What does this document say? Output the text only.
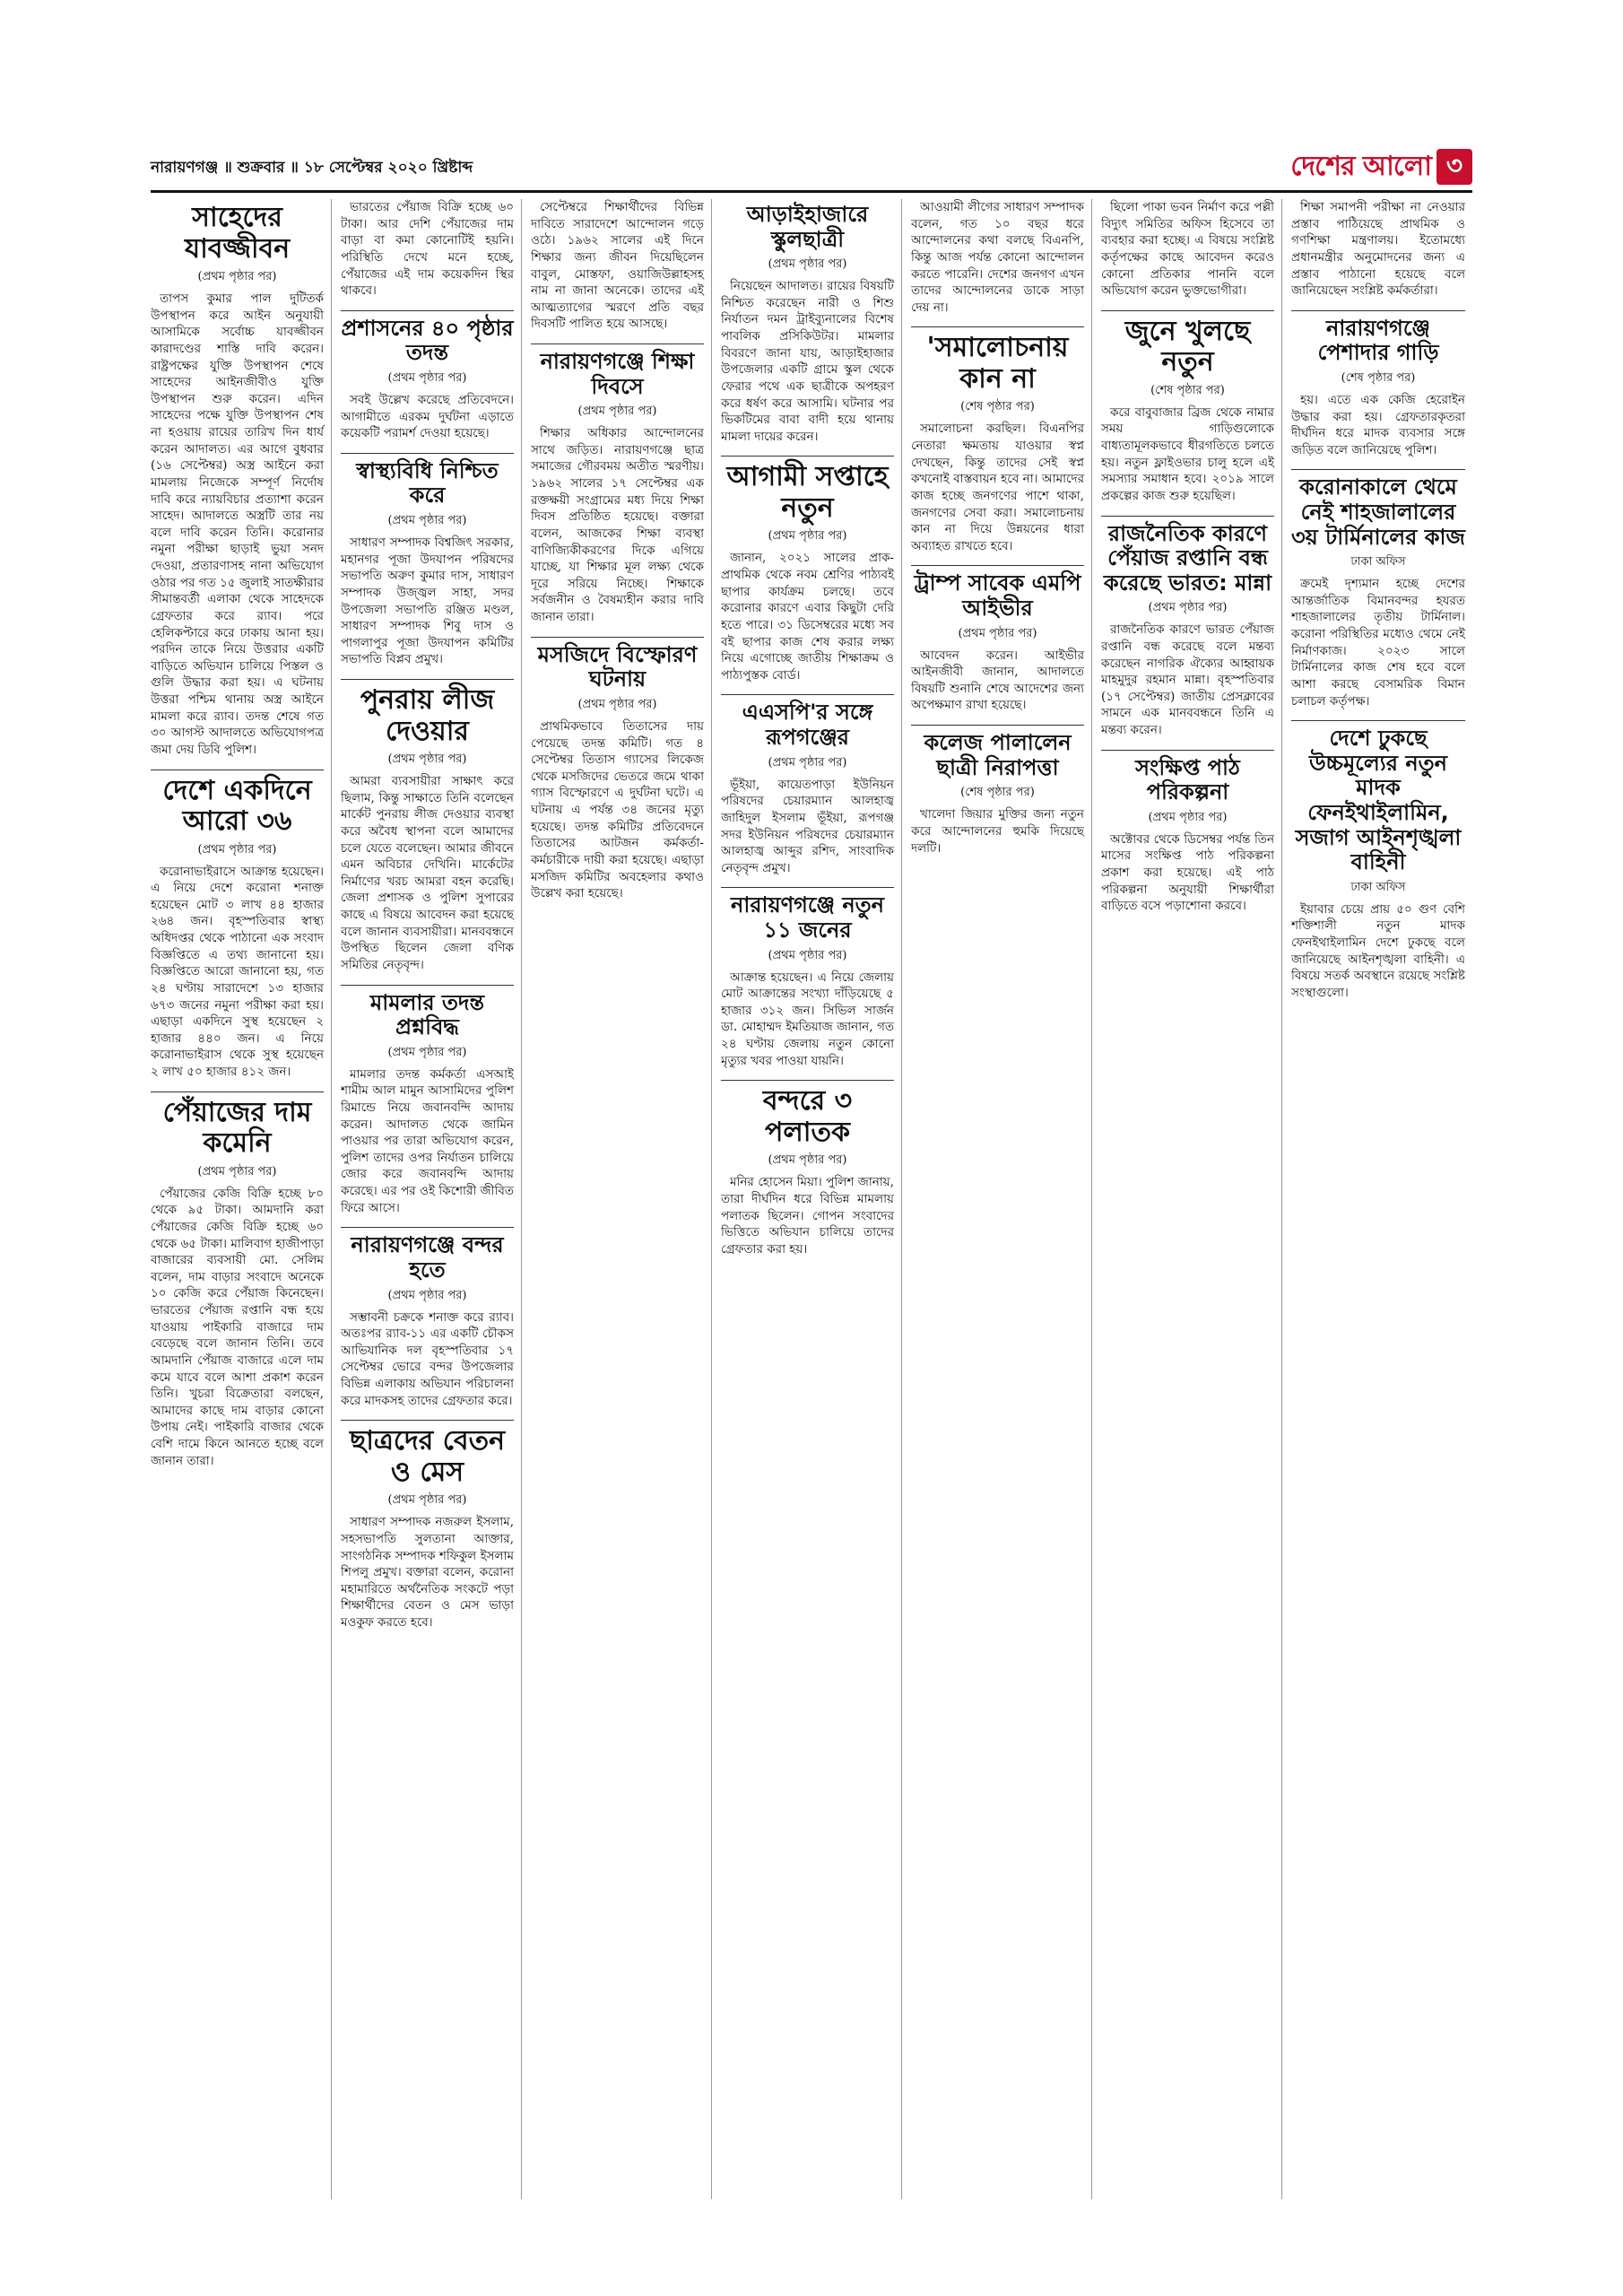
নারায়ণগঞ্জ ॥ শুক্রবার ॥ ১৮ সেপ্টেম্বর ২০২০ খ্রিষ্টাব্দ	দেশের আলো ৩
সাহেদের যাবজ্জীবন
(প্রথম পৃষ্ঠার পর)

তাপস কুমার পাল দুটিতর্ক উপস্থাপন করে আইন অনুযায়ী আসামিকে সর্বোচ্চ যাবজ্জীবন কারাদণ্ডের শাস্তি দাবি করেন। রাষ্ট্রপক্ষের যুক্তি উপস্থাপন শেষে সাহেদের আইনজীবীও যুক্তি উপস্থাপন শুরু করেন। এদিন সাহেদের পক্ষে যুক্তি উপস্থাপন শেষ না হওয়ায় রায়ের তারিখ দিন ধার্য করেন আদালত। এর আগে বুধবার (১৬ সেপ্টেম্বর) অস্ত্র আইনে করা মামলায় নিজেকে সম্পূর্ণ নির্দোষ দাবি করে ন্যায়বিচার প্রত্যাশা করেন সাহেদ। আদালতে অস্ত্রটি তার নয় বলে দাবি করেন তিনি। করোনার নমুনা পরীক্ষা ছাড়াই ভুয়া সনদ দেওয়া, প্রতারণাসহ নানা অভিযোগ ওঠার পর গত ১৫ জুলাই সাতক্ষীরার সীমান্তবর্তী এলাকা থেকে সাহেদকে গ্রেফতার করে র‍্যাব। পরে হেলিকপ্টারে করে ঢাকায় আনা হয়। পরদিন তাকে নিয়ে উত্তরার একটি বাড়িতে অভিযান চালিয়ে পিস্তল ও গুলি উদ্ধার করা হয়। এ ঘটনায় উত্তরা পশ্চিম থানায় অস্ত্র আইনে মামলা করে র‍্যাব। তদন্ত শেষে গত ৩০ আগস্ট আদালতে অভিযোগপত্র জমা দেয় ডিবি পুলিশ।

দেশে একদিনে আরো ৩৬
(প্রথম পৃষ্ঠার পর)

করোনাভাইরাসে আক্রান্ত হয়েছেন। এ নিয়ে দেশে করোনা শনাক্ত হয়েছেন মোট ৩ লাখ ৪৪ হাজার ২৬৪ জন। বৃহস্পতিবার স্বাস্থ্য অধিদপ্তর থেকে পাঠানো এক সংবাদ বিজ্ঞপ্তিতে এ তথ্য জানানো হয়। বিজ্ঞপ্তিতে আরো জানানো হয়, গত ২৪ ঘণ্টায় সারাদেশে ১৩ হাজার ৬৭৩ জনের নমুনা পরীক্ষা করা হয়। এছাড়া একদিনে সুস্থ হয়েছেন ২ হাজার ৪৪০ জন। এ নিয়ে করোনাভাইরাস থেকে সুস্থ হয়েছেন ২ লাখ ৫০ হাজার ৪১২ জন।

পেঁয়াজের দাম কমেনি
(প্রথম পৃষ্ঠার পর)

পেঁয়াজের কেজি বিক্রি হচ্ছে ৮০ থেকে ৯৫ টাকা। আমদানি করা পেঁয়াজের কেজি বিক্রি হচ্ছে ৬০ থেকে ৬৫ টাকা। মালিবাগ হাজীপাড়া বাজারের ব্যবসায়ী মো. সেলিম বলেন, দাম বাড়ার সংবাদে অনেকে ১০ কেজি করে পেঁয়াজ কিনেছেন। ভারতের পেঁয়াজ রপ্তানি বন্ধ হয়ে যাওয়ায় পাইকারি বাজারে দাম বেড়েছে বলে জানান তিনি। তবে আমদানি পেঁয়াজ বাজারে এলে দাম কমে যাবে বলে আশা প্রকাশ করেন তিনি। খুচরা বিক্রেতারা বলছেন, আমাদের কাছে দাম বাড়ার কোনো উপায় নেই। পাইকারি বাজার থেকে বেশি দামে কিনে আনতে হচ্ছে বলে জানান তারা।

ভারতের পেঁয়াজ বিক্রি হচ্ছে ৬০ টাকা। আর দেশি পেঁয়াজের দাম বাড়া বা কমা কোনোটিই হয়নি। পরিস্থিতি দেখে মনে হচ্ছে, পেঁয়াজের এই দাম কয়েকদিন স্থির থাকবে।

প্রশাসনের ৪০ পৃষ্ঠার তদন্ত
(প্রথম পৃষ্ঠার পর)

সবই উল্লেখ করেছে প্রতিবেদনে। আগামীতে এরকম দুর্ঘটনা এড়াতে কয়েকটি পরামর্শ দেওয়া হয়েছে।

স্বাস্থ্যবিধি নিশ্চিত করে
(প্রথম পৃষ্ঠার পর)

সাধারণ সম্পাদক বিশ্বজিৎ সরকার, মহানগর পূজা উদযাপন পরিষদের সভাপতি অরুণ কুমার দাস, সাধারণ সম্পাদক উজ্জ্বল সাহা, সদর উপজেলা সভাপতি রঞ্জিত মণ্ডল, সাধারণ সম্পাদক শিবু দাস ও পাগলাপুর পূজা উদযাপন কমিটির সভাপতি বিপ্লব প্রমুখ।

পুনরায় লীজ দেওয়ার
(প্রথম পৃষ্ঠার পর)

আমরা ব্যবসায়ীরা সাক্ষাৎ করে ছিলাম, কিন্তু সাক্ষাতে তিনি বলেছেন মার্কেট পুনরায় লীজ দেওয়ার ব্যবস্থা করে অবৈধ স্থাপনা বলে আমাদের চলে যেতে বলেছেন। আমার জীবনে এমন অবিচার দেখিনি। মার্কেটের নির্মাণের খরচ আমরা বহন করেছি। জেলা প্রশাসক ও পুলিশ সুপারের কাছে এ বিষয়ে আবেদন করা হয়েছে বলে জানান ব্যবসায়ীরা। মানববন্ধনে উপস্থিত ছিলেন জেলা বণিক সমিতির নেতৃবৃন্দ।

মামলার তদন্ত প্রশ্নবিদ্ধ
(প্রথম পৃষ্ঠার পর)

মামলার তদন্ত কর্মকর্তা এসআই শামীম আল মামুন আসামিদের পুলিশ রিমান্ডে নিয়ে জবানবন্দি আদায় করেন। আদালত থেকে জামিন পাওয়ার পর তারা অভিযোগ করেন, পুলিশ তাদের ওপর নির্যাতন চালিয়ে জোর করে জবানবন্দি আদায় করেছে। এর পর ওই কিশোরী জীবিত ফিরে আসে।

নারায়ণগঞ্জে বন্দর হতে
(প্রথম পৃষ্ঠার পর)

সম্ভাবনী চক্রকে শনাক্ত করে র‍্যাব। অতঃপর র‍্যাব-১১ এর একটি চৌকস আভিযানিক দল বৃহস্পতিবার ১৭ সেপ্টেম্বর ভোরে বন্দর উপজেলার বিভিন্ন এলাকায় অভিযান পরিচালনা করে মাদকসহ তাদের গ্রেফতার করে।

ছাত্রদের বেতন ও মেস
(প্রথম পৃষ্ঠার পর)

সাধারণ সম্পাদক নজরুল ইসলাম, সহসভাপতি সুলতানা আক্তার, সাংগঠনিক সম্পাদক শফিকুল ইসলাম শিপলু প্রমুখ। বক্তারা বলেন, করোনা মহামারিতে অর্থনৈতিক সংকটে পড়া শিক্ষার্থীদের বেতন ও মেস ভাড়া মওকুফ করতে হবে।

সেপ্টেম্বরে শিক্ষার্থীদের বিভিন্ন দাবিতে সারাদেশে আন্দোলন গড়ে ওঠে। ১৯৬২ সালের এই দিনে শিক্ষার জন্য জীবন দিয়েছিলেন বাবুল, মোস্তফা, ওয়াজিউল্লাহসহ নাম না জানা অনেকে। তাদের এই আত্মত্যাগের স্মরণে প্রতি বছর দিবসটি পালিত হয়ে আসছে।

নারায়ণগঞ্জে শিক্ষা দিবসে
(প্রথম পৃষ্ঠার পর)

শিক্ষার অধিকার আন্দোলনের সাথে জড়িত। নারায়ণগঞ্জে ছাত্র সমাজের গৌরবময় অতীত স্মরণীয়। ১৯৬২ সালের ১৭ সেপ্টেম্বর এক রক্তক্ষয়ী সংগ্রামের মধ্য দিয়ে শিক্ষা দিবস প্রতিষ্ঠিত হয়েছে। বক্তারা বলেন, আজকের শিক্ষা ব্যবস্থা বাণিজ্যিকীকরণের দিকে এগিয়ে যাচ্ছে, যা শিক্ষার মূল লক্ষ্য থেকে দূরে সরিয়ে নিচ্ছে। শিক্ষাকে সর্বজনীন ও বৈষম্যহীন করার দাবি জানান তারা।

মসজিদে বিস্ফোরণ ঘটনায়
(প্রথম পৃষ্ঠার পর)

প্রাথমিকভাবে তিতাসের দায় পেয়েছে তদন্ত কমিটি। গত ৪ সেপ্টেম্বর তিতাস গ্যাসের লিকেজ থেকে মসজিদের ভেতরে জমে থাকা গ্যাস বিস্ফোরণে এ দুর্ঘটনা ঘটে। এ ঘটনায় এ পর্যন্ত ৩৪ জনের মৃত্যু হয়েছে। তদন্ত কমিটির প্রতিবেদনে তিতাসের আটজন কর্মকর্তা-কর্মচারীকে দায়ী করা হয়েছে। এছাড়া মসজিদ কমিটির অবহেলার কথাও উল্লেখ করা হয়েছে।

আড়াইহাজারে স্কুলছাত্রী
(প্রথম পৃষ্ঠার পর)

নিয়েছেন আদালত। রায়ের বিষয়টি নিশ্চিত করেছেন নারী ও শিশু নির্যাতন দমন ট্রাইব্যুনালের বিশেষ পাবলিক প্রসিকিউটর। মামলার বিবরণে জানা যায়, আড়াইহাজার উপজেলার একটি গ্রামে স্কুল থেকে ফেরার পথে এক ছাত্রীকে অপহরণ করে ধর্ষণ করে আসামি। ঘটনার পর ভিকটিমের বাবা বাদী হয়ে থানায় মামলা দায়ের করেন।

আগামী সপ্তাহে নতুন
(প্রথম পৃষ্ঠার পর)

জানান, ২০২১ সালের প্রাক-প্রাথমিক থেকে নবম শ্রেণির পাঠ্যবই ছাপার কার্যক্রম চলছে। তবে করোনার কারণে এবার কিছুটা দেরি হতে পারে। ৩১ ডিসেম্বরের মধ্যে সব বই ছাপার কাজ শেষ করার লক্ষ্য নিয়ে এগোচ্ছে জাতীয় শিক্ষাক্রম ও পাঠ্যপুস্তক বোর্ড।

এএসপি'র সঙ্গে রূপগঞ্জের
(প্রথম পৃষ্ঠার পর)

ভূঁইয়া, কায়েতপাড়া ইউনিয়ন পরিষদের চেয়ারম্যান আলহাজ্ব জাহিদুল ইসলাম ভূঁইয়া, রূপগঞ্জ সদর ইউনিয়ন পরিষদের চেয়ারম্যান আলহাজ্ব আব্দুর রশিদ, সাংবাদিক নেতৃবৃন্দ প্রমুখ।

নারায়ণগঞ্জে নতুন ১১ জনের
(প্রথম পৃষ্ঠার পর)

আক্রান্ত হয়েছেন। এ নিয়ে জেলায় মোট আক্রান্তের সংখ্যা দাঁড়িয়েছে ৫ হাজার ৩১২ জন। সিভিল সার্জন ডা. মোহাম্মদ ইমতিয়াজ জানান, গত ২৪ ঘণ্টায় জেলায় নতুন কোনো মৃত্যুর খবর পাওয়া যায়নি।

বন্দরে ৩ পলাতক
(প্রথম পৃষ্ঠার পর)

মনির হোসেন মিয়া। পুলিশ জানায়, তারা দীর্ঘদিন ধরে বিভিন্ন মামলায় পলাতক ছিলেন। গোপন সংবাদের ভিত্তিতে অভিযান চালিয়ে তাদের গ্রেফতার করা হয়।

আওয়ামী লীগের সাধারণ সম্পাদক বলেন, গত ১০ বছর ধরে আন্দোলনের কথা বলছে বিএনপি, কিন্তু আজ পর্যন্ত কোনো আন্দোলন করতে পারেনি। দেশের জনগণ এখন তাদের আন্দোলনের ডাকে সাড়া দেয় না।

'সমালোচনায় কান না
(শেষ পৃষ্ঠার পর)

সমালোচনা করছিল। বিএনপির নেতারা ক্ষমতায় যাওয়ার স্বপ্ন দেখছেন, কিন্তু তাদের সেই স্বপ্ন কখনোই বাস্তবায়ন হবে না। আমাদের কাজ হচ্ছে জনগণের পাশে থাকা, জনগণের সেবা করা। সমালোচনায় কান না দিয়ে উন্নয়নের ধারা অব্যাহত রাখতে হবে।

ট্রাম্প সাবেক এমপি আইভীর
(প্রথম পৃষ্ঠার পর)

আবেদন করেন। আইভীর আইনজীবী জানান, আদালতে বিষয়টি শুনানি শেষে আদেশের জন্য অপেক্ষমাণ রাখা হয়েছে।

কলেজ পালালেন ছাত্রী নিরাপত্তা
(শেষ পৃষ্ঠার পর)

খালেদা জিয়ার মুক্তির জন্য নতুন করে আন্দোলনের হুমকি দিয়েছে দলটি।

ছিলো পাকা ভবন নির্মাণ করে পল্লী বিদ্যুৎ সমিতির অফিস হিসেবে তা ব্যবহার করা হচ্ছে। এ বিষয়ে সংশ্লিষ্ট কর্তৃপক্ষের কাছে আবেদন করেও কোনো প্রতিকার পাননি বলে অভিযোগ করেন ভুক্তভোগীরা।

জুনে খুলছে নতুন
(শেষ পৃষ্ঠার পর)

করে বাবুবাজার ব্রিজ থেকে নামার সময় গাড়িগুলোকে বাধ্যতামূলকভাবে ধীরগতিতে চলতে হয়। নতুন ফ্লাইওভার চালু হলে এই সমস্যার সমাধান হবে। ২০১৯ সালে প্রকল্পের কাজ শুরু হয়েছিল।

রাজনৈতিক কারণে পেঁয়াজ রপ্তানি বন্ধ করেছে ভারত: মান্না
(প্রথম পৃষ্ঠার পর)

রাজনৈতিক কারণে ভারত পেঁয়াজ রপ্তানি বন্ধ করেছে বলে মন্তব্য করেছেন নাগরিক ঐক্যের আহ্বায়ক মাহমুদুর রহমান মান্না। বৃহস্পতিবার (১৭ সেপ্টেম্বর) জাতীয় প্রেসক্লাবের সামনে এক মানববন্ধনে তিনি এ মন্তব্য করেন।

সংক্ষিপ্ত পাঠ পরিকল্পনা
(প্রথম পৃষ্ঠার পর)

অক্টোবর থেকে ডিসেম্বর পর্যন্ত তিন মাসের সংক্ষিপ্ত পাঠ পরিকল্পনা প্রকাশ করা হয়েছে। এই পাঠ পরিকল্পনা অনুযায়ী শিক্ষার্থীরা বাড়িতে বসে পড়াশোনা করবে।

শিক্ষা সমাপনী পরীক্ষা না নেওয়ার প্রস্তাব পাঠিয়েছে প্রাথমিক ও গণশিক্ষা মন্ত্রণালয়। ইতোমধ্যে প্রধানমন্ত্রীর অনুমোদনের জন্য এ প্রস্তাব পাঠানো হয়েছে বলে জানিয়েছেন সংশ্লিষ্ট কর্মকর্তারা।

নারায়ণগঞ্জে পেশাদার গাড়ি
(শেষ পৃষ্ঠার পর)

হয়। এতে এক কেজি হেরোইন উদ্ধার করা হয়। গ্রেফতারকৃতরা দীর্ঘদিন ধরে মাদক ব্যবসার সঙ্গে জড়িত বলে জানিয়েছে পুলিশ।

করোনাকালে থেমে নেই শাহজালালের ৩য় টার্মিনালের কাজ
ঢাকা অফিস

ক্রমেই দৃশ্যমান হচ্ছে দেশের আন্তর্জাতিক বিমানবন্দর হযরত শাহজালালের তৃতীয় টার্মিনাল। করোনা পরিস্থিতির মধ্যেও থেমে নেই নির্মাণকাজ। ২০২৩ সালে টার্মিনালের কাজ শেষ হবে বলে আশা করছে বেসামরিক বিমান চলাচল কর্তৃপক্ষ।

দেশে ঢুকছে উচ্চমূল্যের নতুন মাদক ফেনইথাইলামিন, সজাগ আইনশৃঙ্খলা বাহিনী
ঢাকা অফিস

ইয়াবার চেয়ে প্রায় ৫০ গুণ বেশি শক্তিশালী নতুন মাদক ফেনইথাইলামিন দেশে ঢুকছে বলে জানিয়েছে আইনশৃঙ্খলা বাহিনী। এ বিষয়ে সতর্ক অবস্থানে রয়েছে সংশ্লিষ্ট সংস্থাগুলো।
